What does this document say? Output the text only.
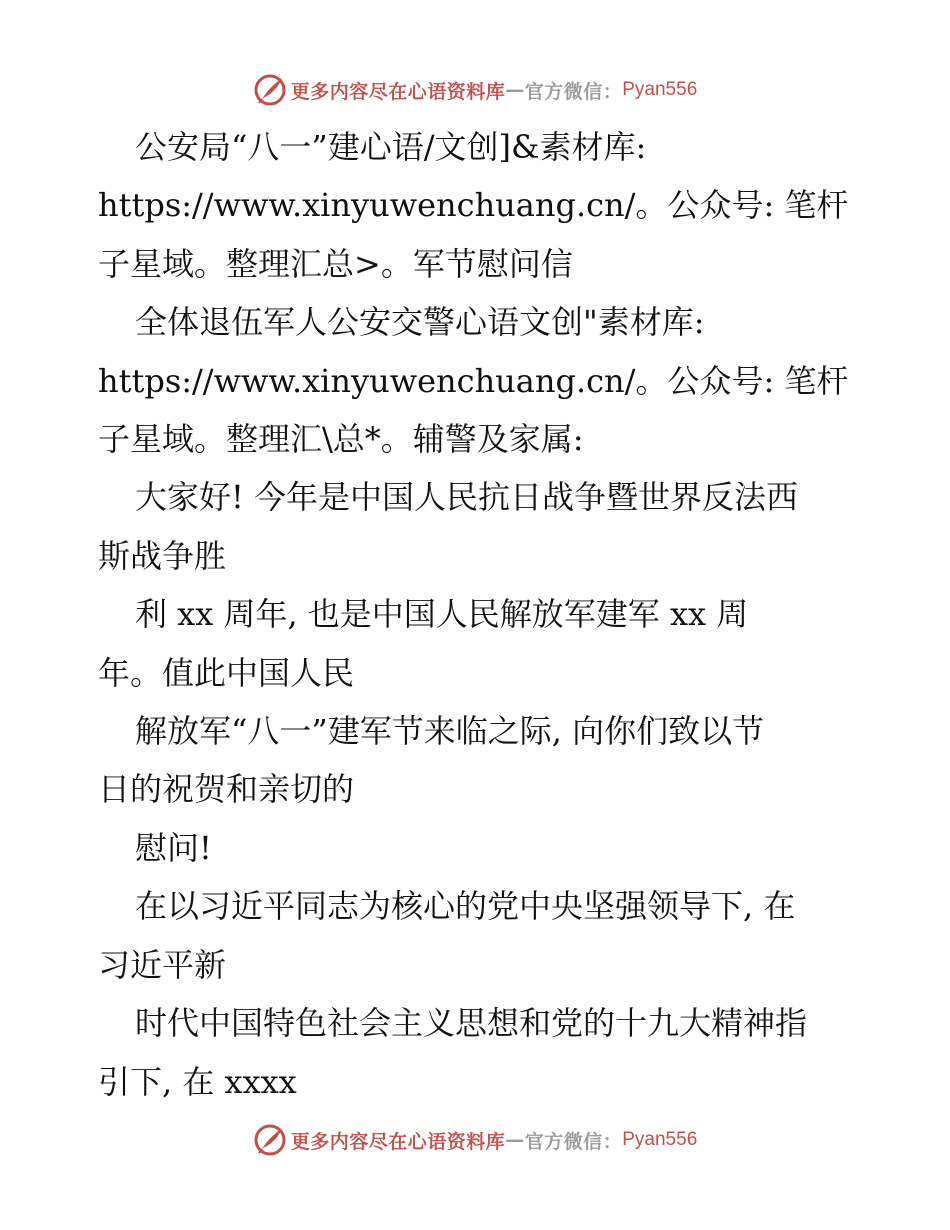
更多内容尽在心语资料库 — 官方微信： Pyan556

公安局“八一”建心语/文创]&素材库:

https://www.xinyuwenchuang.cn/。公众号: 笔杆

子星域。整理汇总>。军节慰问信

全体退伍军人公安交警心语文创"素材库:

https://www.xinyuwenchuang.cn/。公众号: 笔杆

子星域。整理汇\总*。辅警及家属:

大家好! 今年是中国人民抗日战争暨世界反法西

斯战争胜

利 xx 周年, 也是中国人民解放军建军 xx 周

年。值此中国人民

解放军“八一”建军节来临之际, 向你们致以节

日的祝贺和亲切的

慰问!

在以习近平同志为核心的党中央坚强领导下, 在

习近平新

时代中国特色社会主义思想和党的十九大精神指

引下, 在 xxxx

更多内容尽在心语资料库 — 官方微信： Pyan556
